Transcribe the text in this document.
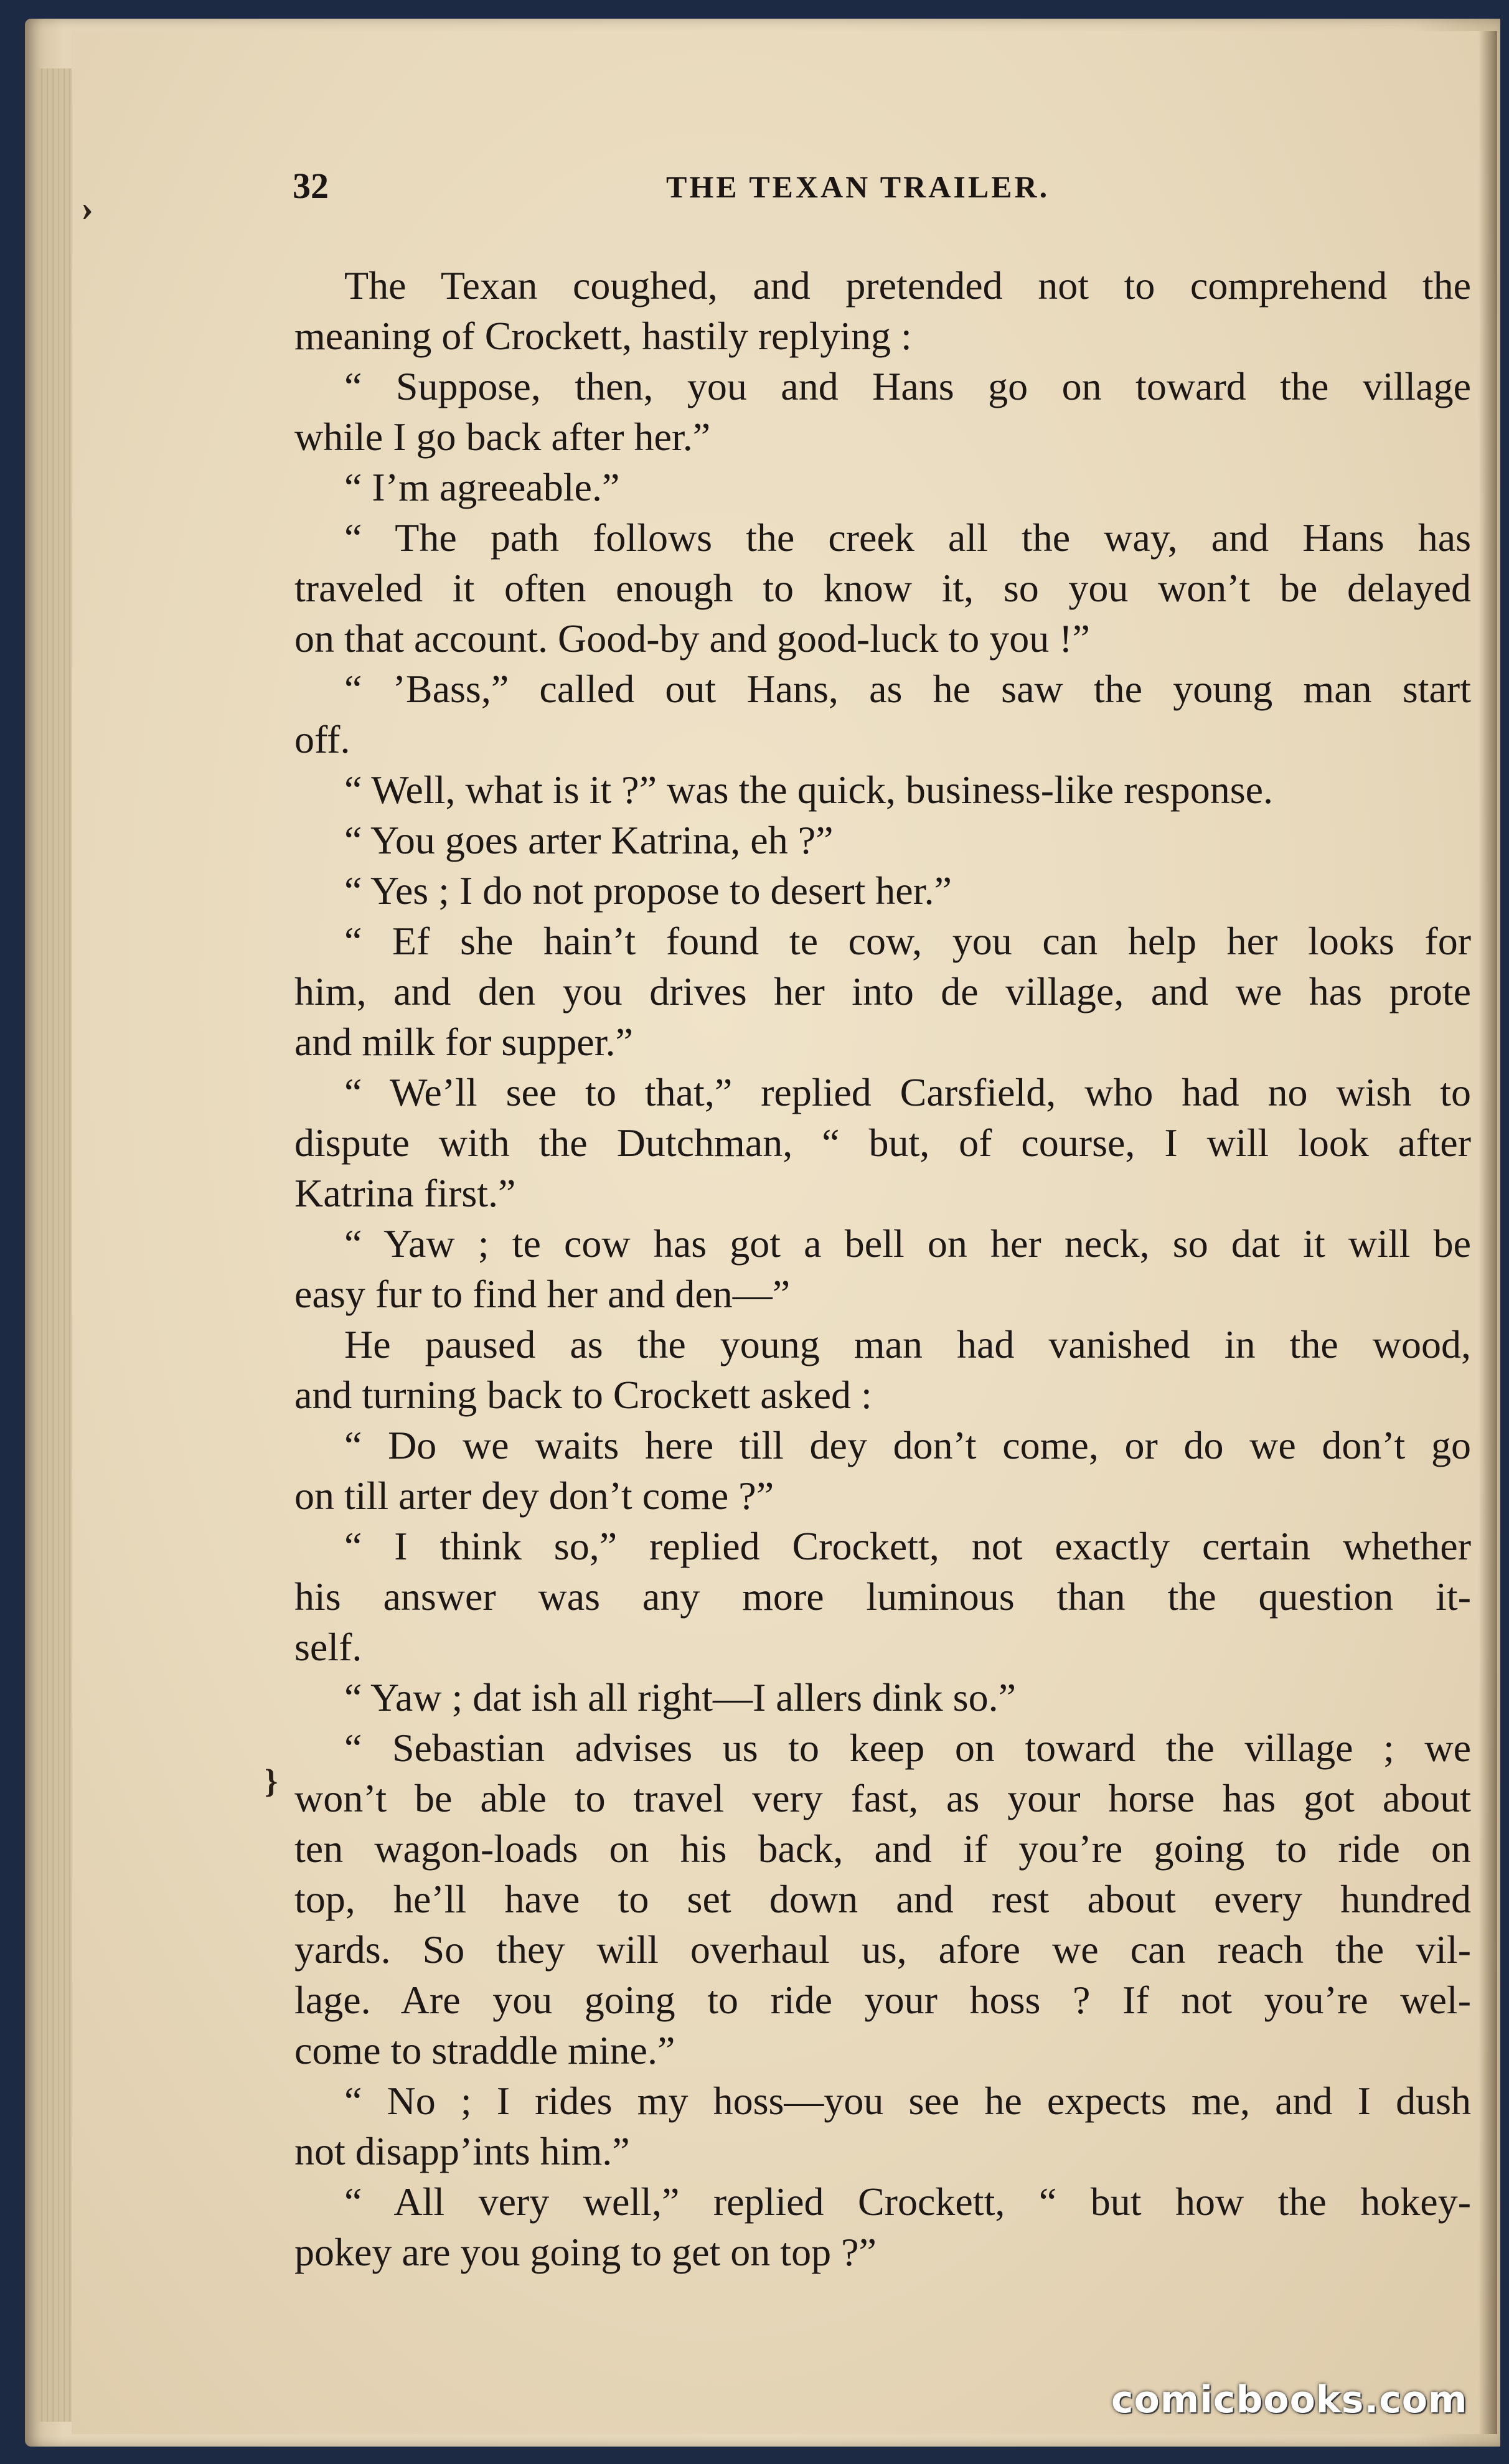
32	THE TEXAN TRAILER.
The Texan coughed, and pretended not to comprehend the
meaning of Crockett, hastily replying :
“ Suppose, then, you and Hans go on toward the village
while I go back after her.”
“ I’m agreeable.”
“ The path follows the creek all the way, and Hans has
traveled it often enough to know it, so you won’t be delayed
on that account. Good-by and good-luck to you !”
“ ’Bass,” called out Hans, as he saw the young man start
off.
“ Well, what is it ?” was the quick, business-like response.
“ You goes arter Katrina, eh ?”
“ Yes ; I do not propose to desert her.”
“ Ef she hain’t found te cow, you can help her looks for
him, and den you drives her into de village, and we has prote
and milk for supper.”
“ We’ll see to that,” replied Carsfield, who had no wish to
dispute with the Dutchman, “ but, of course, I will look after
Katrina first.”
“ Yaw ; te cow has got a bell on her neck, so dat it will be
easy fur to find her and den—”
He paused as the young man had vanished in the wood,
and turning back to Crockett asked :
“ Do we waits here till dey don’t come, or do we don’t go
on till arter dey don’t come ?”
“ I think so,” replied Crockett, not exactly certain whether
his answer was any more luminous than the question it-
self.
“ Yaw ; dat ish all right—I allers dink so.”
“ Sebastian advises us to keep on toward the village ; we
won’t be able to travel very fast, as your horse has got about
ten wagon-loads on his back, and if you’re going to ride on
top, he’ll have to set down and rest about every hundred
yards. So they will overhaul us, afore we can reach the vil-
lage. Are you going to ride your hoss ? If not you’re wel-
come to straddle mine.”
“ No ; I rides my hoss—you see he expects me, and I dush
not disapp’ints him.”
“ All very well,” replied Crockett, “ but how the hokey-
pokey are you going to get on top ?”
›
}
comicbooks.com
